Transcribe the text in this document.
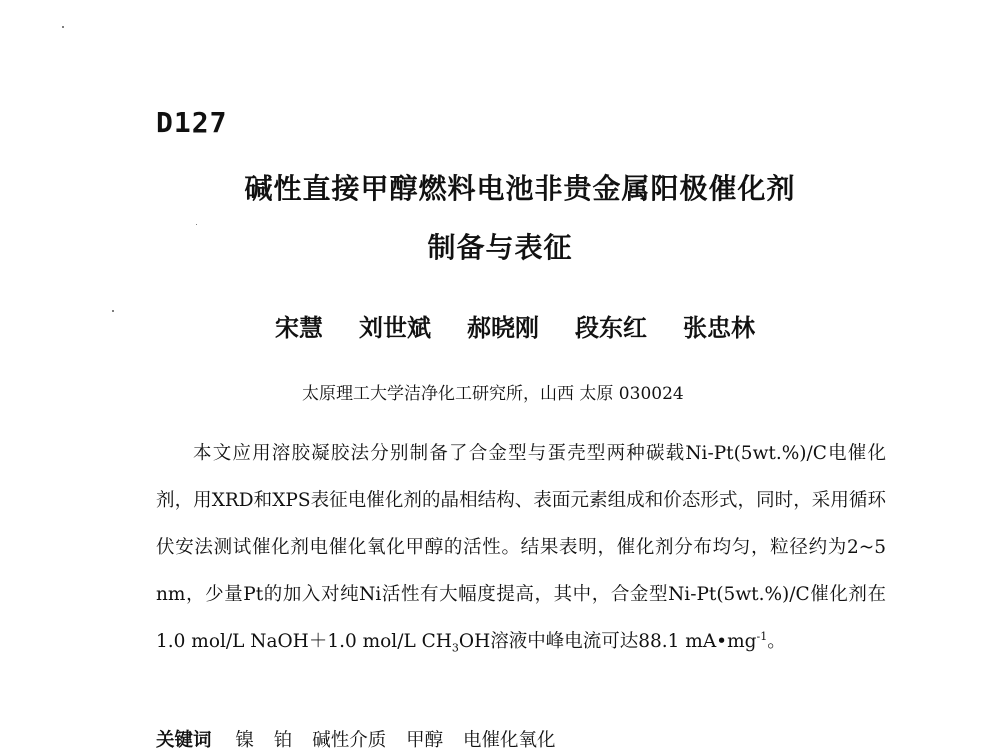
D127
碱性直接甲醇燃料电池非贵金属阳极催化剂
制备与表征
宋慧 刘世斌 郝晓刚 段东红 张忠林
太原理工大学洁净化工研究所，山西 太原 030024
本文应用溶胶凝胶法分别制备了合金型与蛋壳型两种碳载Ni-Pt(5wt.%)/C电催化剂，用XRD和XPS表征电催化剂的晶相结构、表面元素组成和价态形式，同时，采用循环伏安法测试催化剂电催化氧化甲醇的活性。结果表明，催化剂分布均匀，粒径约为2~5 nm，少量Pt的加入对纯Ni活性有大幅度提高，其中，合金型Ni-Pt(5wt.%)/C催化剂在1.0 mol/L NaOH＋1.0 mol/L $CH_3OH$溶液中峰电流可达88.1 $mA•mg^{-1}$。
关键词 镍 铂 碱性介质 甲醇 电催化氧化
